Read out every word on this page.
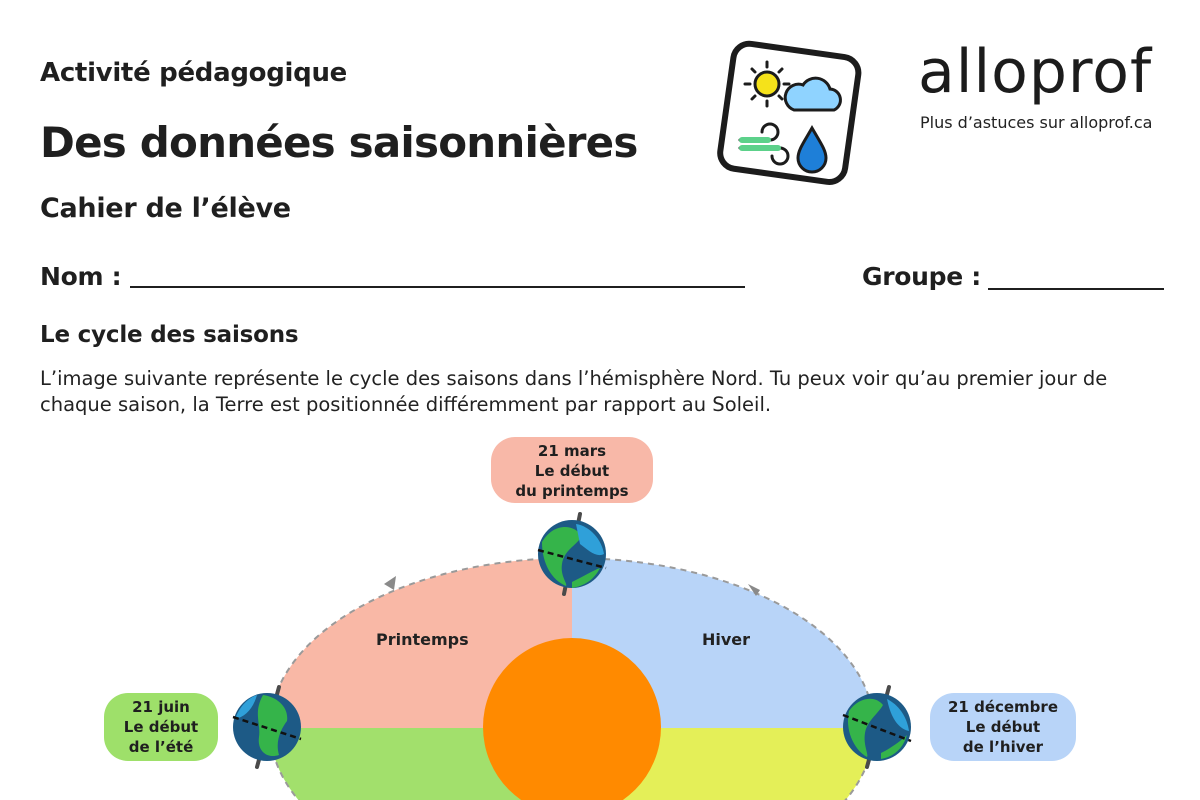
Activité pédagogique
Des données saisonnières
Cahier de l’élève
alloprof
Plus d’astuces sur alloprof.ca
Nom :	Groupe :
Le cycle des saisons
L’image suivante représente le cycle des saisons dans l’hémisphère Nord. Tu peux voir qu’au premier jour de chaque saison, la Terre est positionnée différemment par rapport au Soleil.
Printemps	Hiver
21 mars
Le début
du printemps
21 juin
Le début
de l’été
21 décembre
Le début
de l’hiver
